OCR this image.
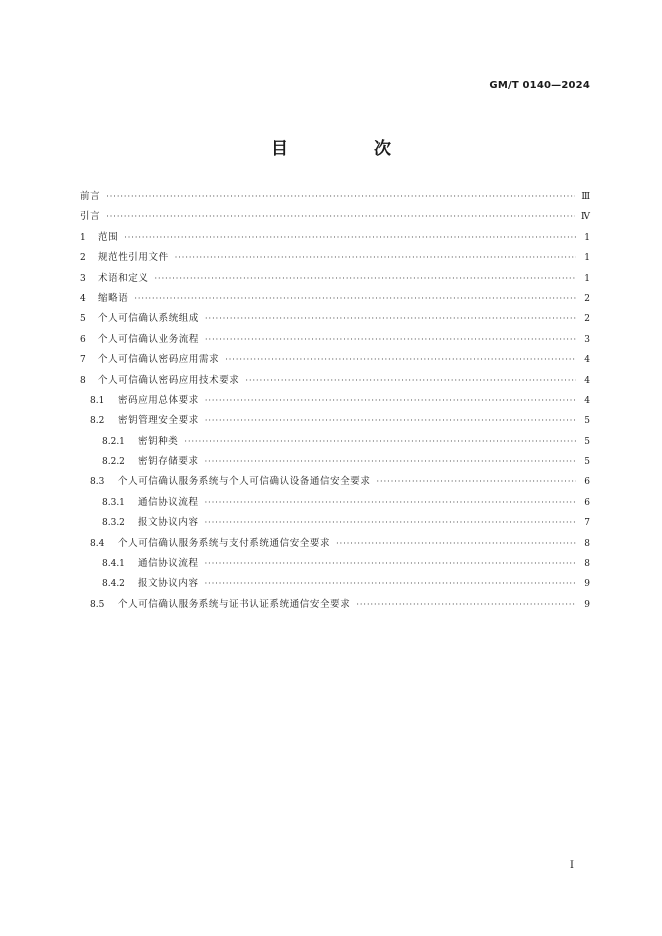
GM/T 0140—2024
目 次
前言 ·····	Ⅲ
引言 ·····	Ⅳ
1	范围 ·····	1
2	规范性引用文件 ·····	1
3	术语和定义 ·····	1
4	缩略语 ·····	2
5	个人可信确认系统组成 ·····	2
6	个人可信确认业务流程 ·····	3
7	个人可信确认密码应用需求 ·····	4
8	个人可信确认密码应用技术要求 ·····	4
8.1	密码应用总体要求 ·····	4
8.2	密钥管理安全要求 ·····	5
8.2.1	密钥种类 ·····	5
8.2.2	密钥存储要求 ·····	5
8.3	个人可信确认服务系统与个人可信确认设备通信安全要求 ·····	6
8.3.1	通信协议流程 ·····	6
8.3.2	报文协议内容 ·····	7
8.4	个人可信确认服务系统与支付系统通信安全要求 ·····	8
8.4.1	通信协议流程 ·····	8
8.4.2	报文协议内容 ·····	9
8.5	个人可信确认服务系统与证书认证系统通信安全要求 ·····	9
Ⅰ
